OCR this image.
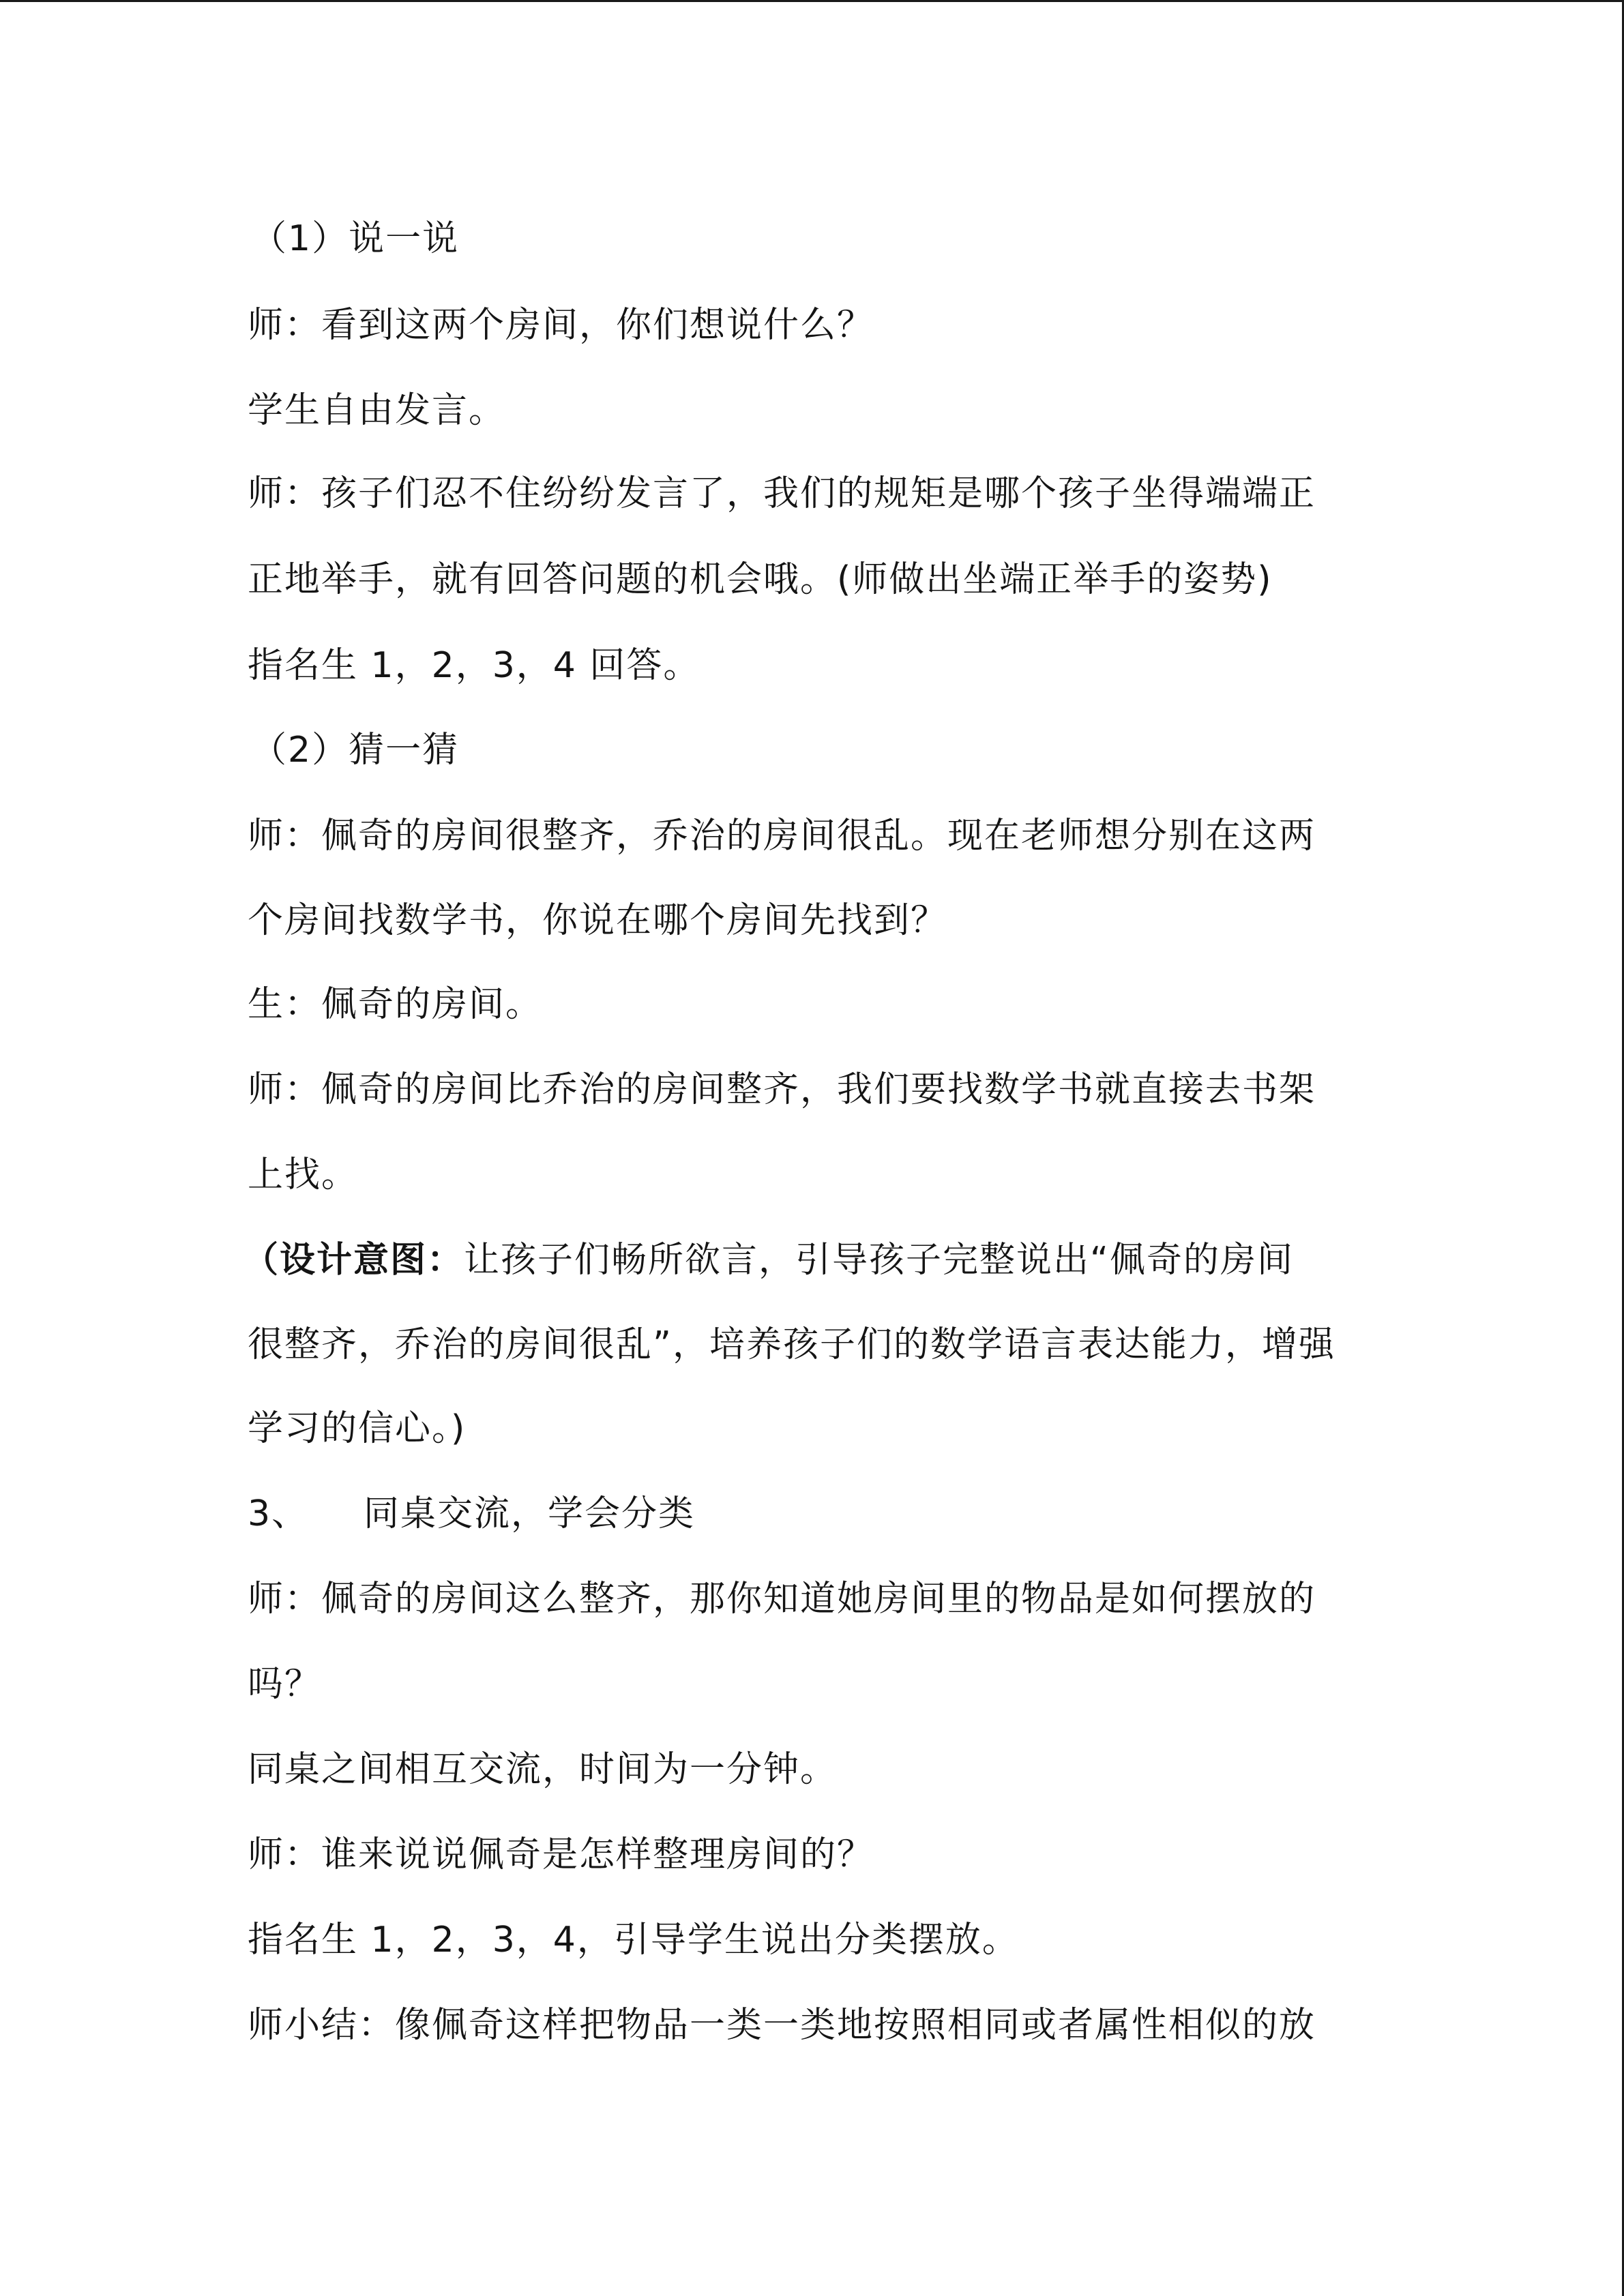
（1）说一说
师：看到这两个房间，你们想说什么？
学生自由发言。
师：孩子们忍不住纷纷发言了，我们的规矩是哪个孩子坐得端端正
正地举手，就有回答问题的机会哦。(师做出坐端正举手的姿势)
指名生 1，2，3，4 回答。
（2）猜一猜
师：佩奇的房间很整齐，乔治的房间很乱。现在老师想分别在这两
个房间找数学书，你说在哪个房间先找到？
生：佩奇的房间。
师：佩奇的房间比乔治的房间整齐，我们要找数学书就直接去书架
上找。
（设计意图：让孩子们畅所欲言，引导孩子完整说出“佩奇的房间
很整齐，乔治的房间很乱”，培养孩子们的数学语言表达能力，增强
学习的信心。)
3、 同桌交流，学会分类
师：佩奇的房间这么整齐，那你知道她房间里的物品是如何摆放的
吗？
同桌之间相互交流，时间为一分钟。
师：谁来说说佩奇是怎样整理房间的？
指名生 1，2，3，4，引导学生说出分类摆放。
师小结：像佩奇这样把物品一类一类地按照相同或者属性相似的放
